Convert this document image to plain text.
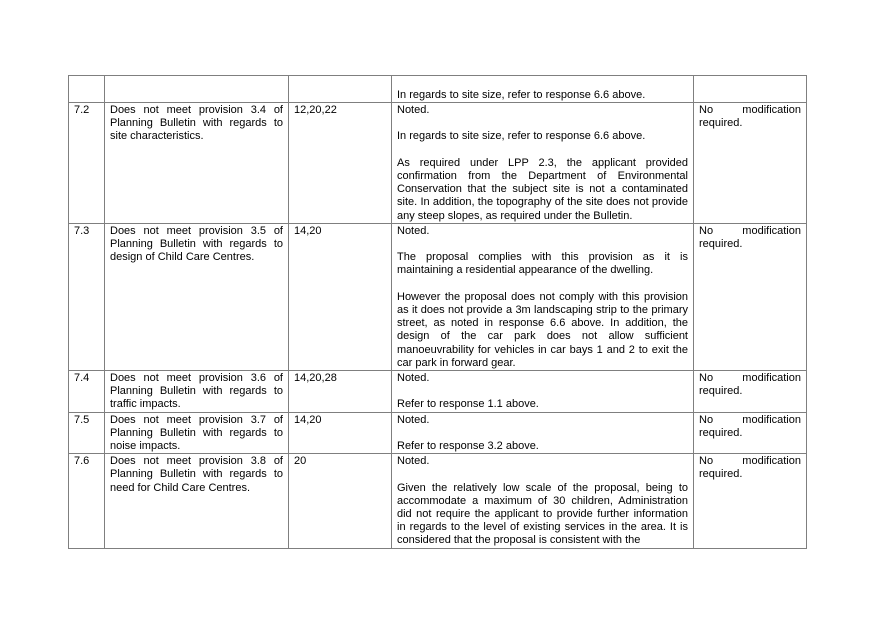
			In regards to site size, refer to response 6.6 above.	

7.2	Does not meet provision 3.4 of Planning Bulletin with regards to site characteristics.	12,20,22	Noted.

In regards to site size, refer to response 6.6 above.

As required under LPP 2.3, the applicant provided confirmation from the Department of Environmental Conservation that the subject site is not a contaminated site. In addition, the topography of the site does not provide any steep slopes, as required under the Bulletin.	No modification required.
7.3	Does not meet provision 3.5 of Planning Bulletin with regards to design of Child Care Centres.	14,20	Noted.

The proposal complies with this provision as it is maintaining a residential appearance of the dwelling.

However the proposal does not comply with this provision as it does not provide a 3m landscaping strip to the primary street, as noted in response 6.6 above. In addition, the design of the car park does not allow sufficient manoeuvrability for vehicles in car bays 1 and 2 to exit the car park in forward gear.	No modification required.
7.4	Does not meet provision 3.6 of Planning Bulletin with regards to traffic impacts.	14,20,28	Noted.

Refer to response 1.1 above.	No modification required.
7.5	Does not meet provision 3.7 of Planning Bulletin with regards to noise impacts.	14,20	Noted.

Refer to response 3.2 above.	No modification required.
7.6	Does not meet provision 3.8 of Planning Bulletin with regards to need for Child Care Centres.	20	Noted.

Given the relatively low scale of the proposal, being to accommodate a maximum of 30 children, Administration did not require the applicant to provide further information in regards to the level of existing services in the area. It is considered that the proposal is consistent with the	No modification required.
